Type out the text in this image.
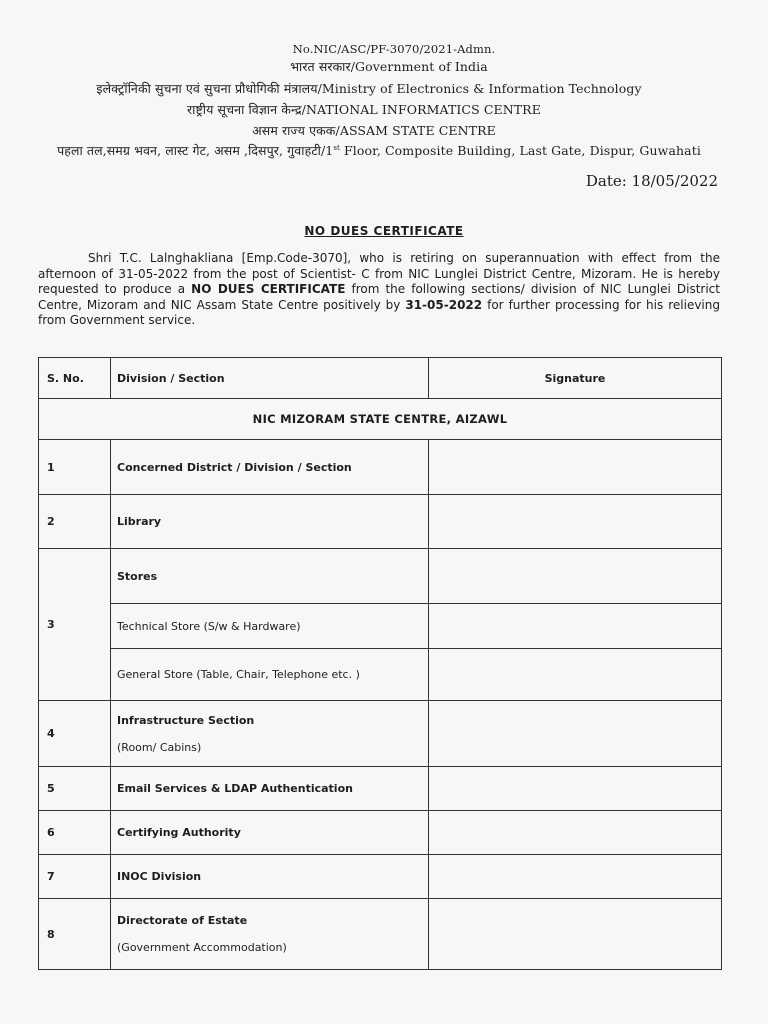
No.NIC/ASC/PF-3070/2021-Admn.
भारत सरकार/Government of India
इलेक्ट्रॉनिकी सुचना एवं सुचना प्रौधोगिकी मंत्रालय/Ministry of Electronics & Information Technology
राष्ट्रीय सूचना विज्ञान केन्द्र/NATIONAL INFORMATICS CENTRE
असम राज्य एकक/ASSAM STATE CENTRE
पहला तल,समग्र भवन, लास्ट गेट, असम ,दिसपुर, गुवाहटी/1st Floor, Composite Building, Last Gate, Dispur, Guwahati
Date: 18/05/2022
NO DUES CERTIFICATE
Shri T.C. Lalnghakliana [Emp.Code-3070], who is retiring on superannuation with effect from the afternoon of 31-05-2022 from the post of Scientist- C from NIC Lunglei District Centre, Mizoram. He is hereby requested to produce a NO DUES CERTIFICATE from the following sections/ division of NIC Lunglei District Centre, Mizoram and NIC Assam State Centre positively by 31-05-2022 for further processing for his relieving from Government service.
S. No.	Division / Section	Signature
NIC MIZORAM STATE CENTRE, AIZAWL		
1	Concerned District / Division / Section	
2	Library	
3	Stores	
	Technical Store (S/w & Hardware)	
	General Store (Table, Chair, Telephone etc. )	
4	Infrastructure Section
(Room/ Cabins)	

5	Email Services & LDAP Authentication	
6	Certifying Authority	
7	INOC Division	
8	Directorate of Estate
(Government Accommodation)	
